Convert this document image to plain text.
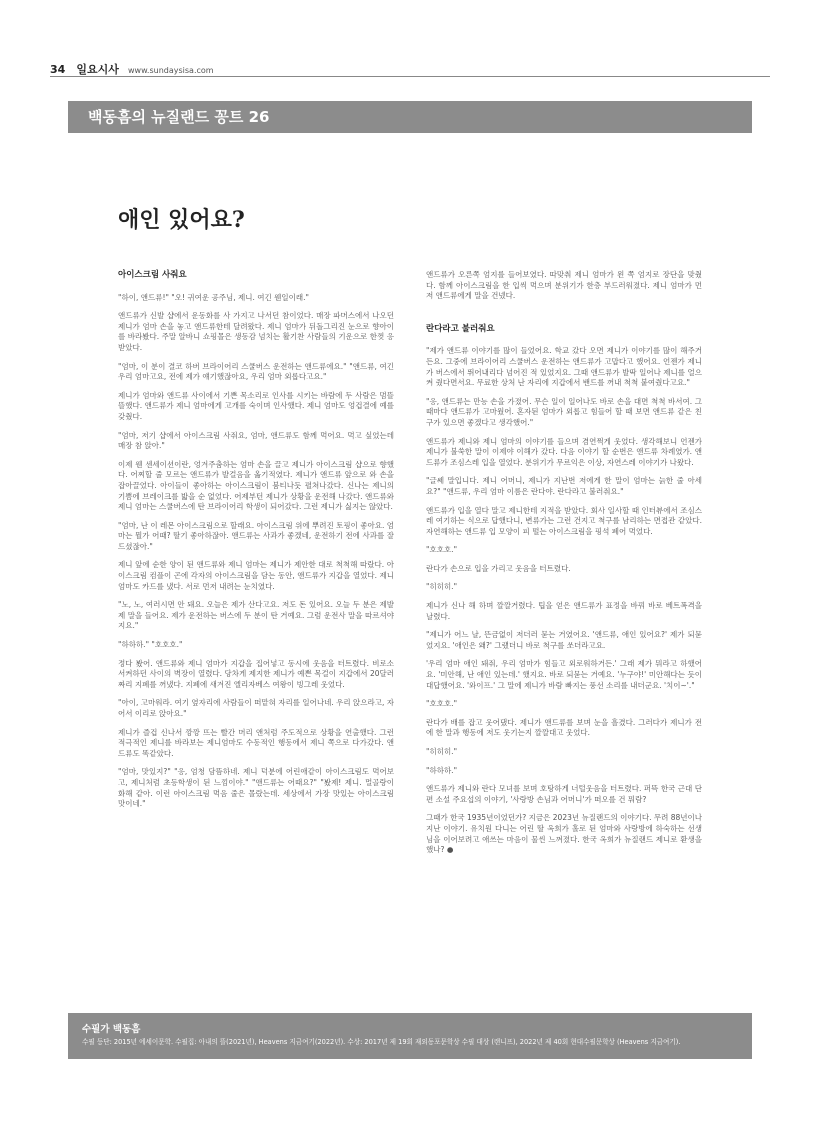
34 일요시사 www.sundaysisa.com
백동흠의 뉴질랜드 꽁트 26
애인 있어요?
아이스크림 사줘요

"하이, 앤드류!" "오! 귀여운 공주님, 제니. 여긴 웬일이래."

앤드류가 신발 샵에서 운동화를 사 가지고 나서던 참이었다. 매장 파머스에서 나오던 제니가 엄마 손을 놓고 앤드류한테 달려왔다. 제니 엄마가 뒤돌그리진 눈으로 향아이를 바라봤다. 주말 알바니 쇼핑몰은 생동감 넘치는 활기찬 사람들의 기운으로 한껏 응 받았다.

"엄마, 이 분이 결코 하버 브라이어리 스쿨버스 운전하는 앤드류에요." "앤드류, 여긴 우리 엄마고요, 전에 제가 얘기했잖아요, 우리 엄마 외롭다고요."

제니가 엄마와 앤드류 사이에서 기쁜 목소리로 인사를 시키는 바람에 두 사람은 멈뜰뜰했다. 앤드류가 제니 엄마에게 고개를 숙이며 인사했다. 제니 엄마도 엉겁결에 예를 갖췄다.

"엄마, 저기 샵에서 아이스크림 사줘요, 엄마, 앤드류도 함께 먹어요. 먹고 싶었는데 매장 참 앉아."

이제 웬 센세이션이란, 엉겨주춤하는 엄마 손을 끌고 제니가 아이스크림 샵으로 향했다. 어찌할 줄 모르는 앤드류가 발걸음을 옮기적였다. 제니가 앤드류 앞으로 와 손을 잡아끌었다. 아이들이 좋아하는 아이스크림이 붐티나듯 펼쳐나갔다. 신나는 제니의 기쁨에 브레이크를 밟을 순 없었다. 어제부턴 제니가 상황을 운전해 나갔다. 앤드류와 제니 엄마는 스쿨버스에 탄 브라이어리 학생이 되어갔다. 그런 제니가 싫지는 않았다.

"엄마, 난 이 레몬 아이스크림으로 할래요. 아이스크림 위에 뿌려진 토핑이 좋아요. 엄마는 뭘가 어때? 딸기 좋아하잖아. 앤드류는 사과가 좋겠네, 운전하기 전에 사과를 잘 드셨잖아."

제니 앞에 순한 양이 된 앤드류와 제니 엄마는 제니가 제안한 대로 척척해 따랐다. 아이스크림 컴플이 곤에 각자의 아이스크림을 담는 동안, 앤드류가 지갑을 열었다. 제니 엄마도 카드를 냈다. 서로 먼저 내려는 눈치였다.

"노, 노, 여러시면 안 돼요. 오늘은 제가 산다고요. 저도 돈 있어요. 오늘 두 분은 제발 제 말을 들어요. 제가 운전하는 버스에 두 분이 탄 거예요. 그럼 운전사 말을 따르셔야지요."

"하하하." "호호호."

정다 봤어. 앤드류와 제니 엄마가 지갑을 집어넣고 동시에 웃음을 터트렸다. 비로소 서켜하던 사이의 벽장이 열렸다. 당차게 제지한 제니가 예쁜 목걸이 지갑에서 20달러짜리 지폐를 꺼냈다. 지폐에 새겨진 엘리자베스 여왕이 빙그레 웃었다.

"아이, 고마워라. 여기 옆자리에 사람들이 떠맡혀 자리를 일어나네. 우리 앉으라고, 자 어서 이리로 앉아요."

제니가 즐겁 신나서 깡깡 뜨는 빨간 머리 앤처럼 주도적으로 상황을 연출했다. 그런 적극적인 제니를 바라보는 제니엄마도 수동적인 행동에서 제니 쪽으로 다가갔다. 앤드류도 똑같았다.

"엄마, 맛있지?" "응, 엄청 담뜸하네. 제니 덕분에 어린애같이 아이스크림도 먹어보고, 제니처럼 초등학생이 된 느낌이야." "앤드류는 어때요?" "봤제! 제니. 멀골랑이 화해 같아. 이런 아이스크림 먹음 줄은 몰랐는데. 세상에서 가장 맛있는 아이스크림 맛이네."

앤드류가 오른쪽 엄지를 들어보였다. 따맞춰 제니 엄마가 왼 쪽 엄지로 장단을 맞췄다. 함께 아이스크림을 한 입씩 먹으며 분위기가 한층 부드러워졌다. 제니 엄마가 먼저 앤드류에게 말을 건넸다.

란다라고 불러줘요

"제가 앤드류 이야기를 많이 들었어요. 학교 갔다 오면 제니가 이야기를 많이 해주거든요. 그중에 브라이어리 스쿨버스 운전하는 앤드류가 고맙다고 했어요. 언젠가 제니가 버스에서 뛰어내리다 넘어진 적 있었지요. 그때 앤드류가 발딱 일어나 제니를 얼으켜 줬다면서요. 무료한 상처 난 자리에 지갑에서 밴드를 꺼내 척척 붙여줬다고요."

"응, 앤드류는 만능 손을 가졌어. 무슨 일이 일어나도 바로 손을 대면 척척 바서여. 그때마다 앤드류가 고마웠어. 혼자된 엄마가 외롭고 힘들어 할 때 보면 앤드류 같은 친구가 있으면 좋겠다고 생각했어."

앤드류가 제니와 제니 엄마의 이야기를 들으며 겸연쩍게 웃었다. 생각해보니 언젠가 제니가 불쑥한 말이 이제야 이해가 갔다. 다음 이야기 할 순번은 앤드류 차례였가. 앤드류가 조심스레 입을 열었다. 분위기가 무르익은 이상, 자연스레 이야기가 나왔다.

"글쎄 말입니다. 제니 어머니, 제니가 지난번 저에게 한 말이 엄마는 늙한 줄 아세요?" "앤드류, 우리 엄마 이름은 란다야. 란다라고 불러줘요."

앤드류가 입을 열다 말고 제니한테 지적을 받았다. 회사 일사할 때 인터뷰에서 조심스레 여기하는 식으로 답했다니, 변류가는 그런 건지고 척구를 남리하는 면접관 같았다. 자연해하는 앤드류 입 모양이 피 떨는 아이스크림을 핑석 폐어 먹었다.

"호호호."

란다가 손으로 입을 가리고 웃음을 터트렸다.

"히히히."

제니가 신나 해 하며 깔깔거렸다. 팁을 얻은 앤드류가 표정을 바꿔 바로 베트폭격을 날렸다.

"제니가 어느 날, 뜬금없이 저더러 묻는 거였어요. '앤드류, 애인 있어요?' 제가 되묻었지요. '애인은 왜?' 그랬더니 바로 척구를 쏘더라고요.

'우리 엄마 애인 돼줘, 우리 엄마가 힘들고 외로워하거든.' 그래 제가 뭐라고 하했어요. '미안해, 난 애인 있는데.' 했지요. 바로 되묻는 거예요. '누구야!' 미안해다는 듯이 대답했어요. '와이프.' 그 말에 제니가 바람 빠지는 풍선 소리를 내더군요. '치이~'."

"호호호."

란다가 배를 잡고 웃어댔다. 제니가 앤드류를 보며 눈을 흘겼다. 그러다가 제니가 전에 한 말과 행동에 저도 웃기는지 깔깔대고 웃었다.

"히히히."

"하하하."

앤드류가 제니와 란다 모녀를 보며 호탕하게 너털웃음을 터트렸다. 퍼뜩 한국 근대 단편 소설 주요섭의 이야기, '사랑방 손님과 어머니'가 떠오를 건 뭐람?

그때가 한국 1935년이었던가? 지금은 2023년 뉴질랜드의 이야기다. 무려 88년이나 지난 이야기. 유치원 다니는 어린 딸 옥희가 홀로 된 엄마와 사랑방에 하숙하는 선생님을 이어보려고 애쓰는 마음이 물씬 느껴졌다. 한국 옥희가 뉴질랜드 제니로 환생을 했나? ●

수필가 백동흠
수필 등단: 2015년 에세이문학. 수필집: 아내의 뜰(2021년), Heavens 지금여기(2022년). 수상: 2017년 제 19회 재외동포문학상 수필 대상 (랜니프), 2022년 제 40회 현대수필문학상 (Heavens 지금여기).
